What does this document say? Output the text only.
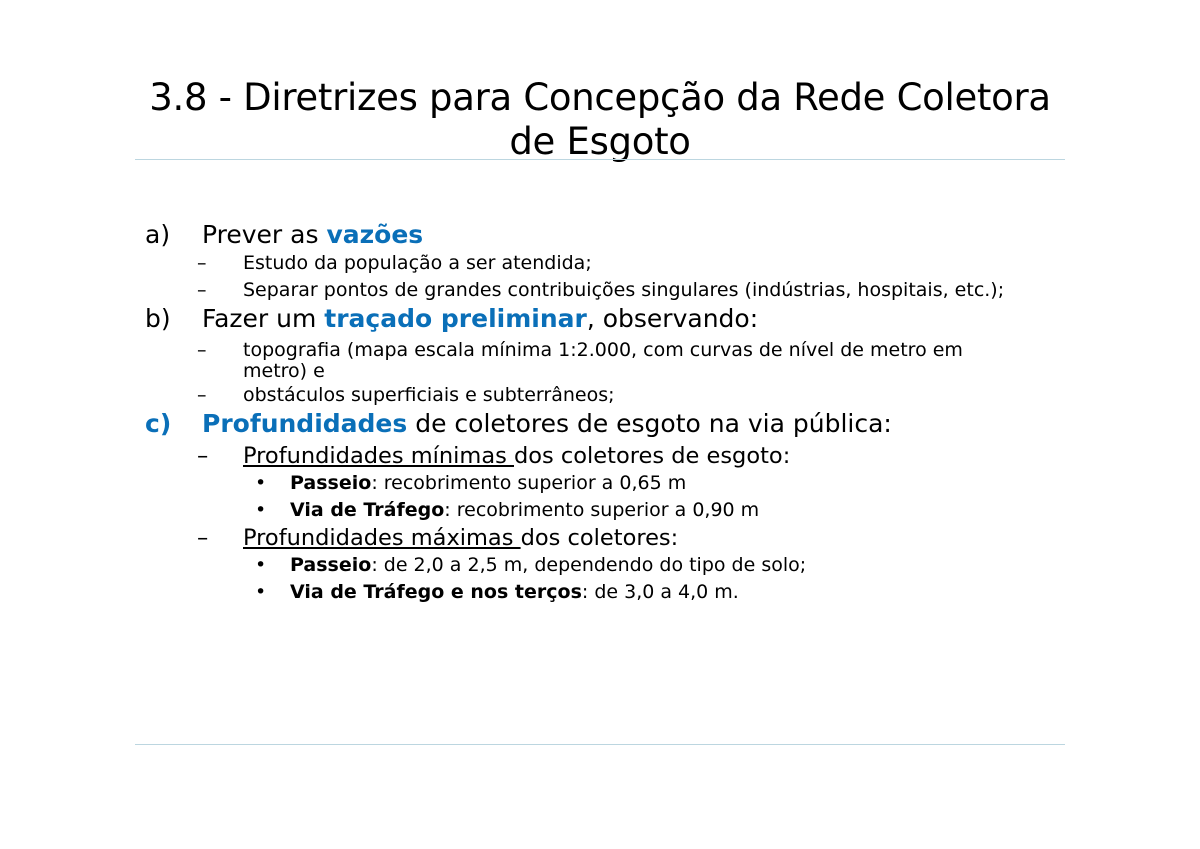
3.8 - Diretrizes para Concepção da Rede Coletora
de Esgoto

a) Prever as vazões

– Estudo da população a ser atendida;

– Separar pontos de grandes contribuições singulares (indústrias, hospitais, etc.);

b) Fazer um traçado preliminar, observando:

– topografia (mapa escala mínima 1:2.000, com curvas de nível de metro em metro) e

– obstáculos superficiais e subterrâneos;

c) Profundidades de coletores de esgoto na via pública:

– Profundidades mínimas dos coletores de esgoto:

• Passeio: recobrimento superior a 0,65 m

• Via de Tráfego: recobrimento superior a 0,90 m

– Profundidades máximas dos coletores:

• Passeio: de 2,0 a 2,5 m, dependendo do tipo de solo;

• Via de Tráfego e nos terços: de 3,0 a 4,0 m.
